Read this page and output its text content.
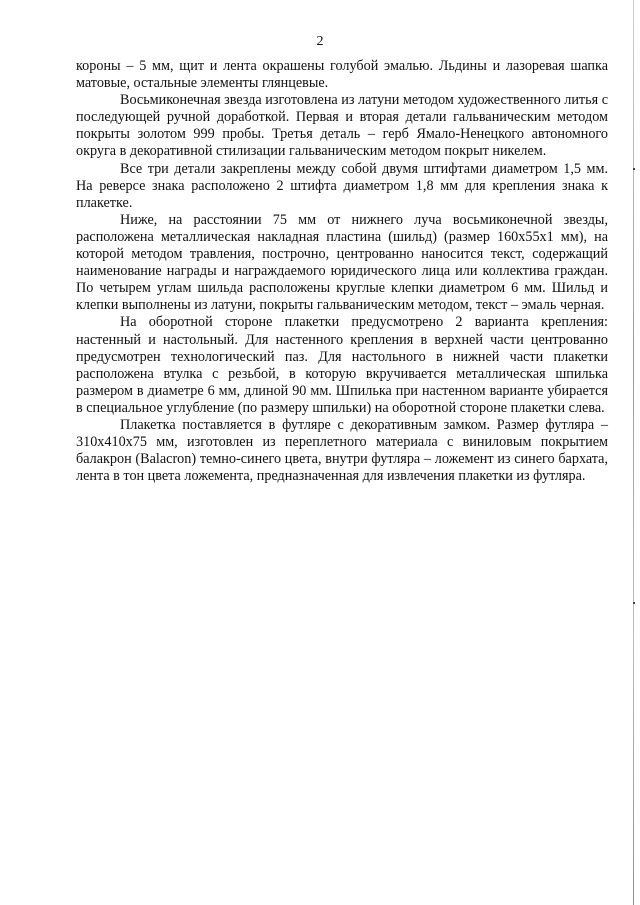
2

короны – 5 мм, щит и лента окрашены голубой эмалью. Льдины и лазоревая шапка матовые, остальные элементы глянцевые.

Восьмиконечная звезда изготовлена из латуни методом художественного литья с последующей ручной доработкой. Первая и вторая детали гальваническим методом покрыты золотом 999 пробы. Третья деталь – герб Ямало-Ненецкого автономного округа в декоративной стилизации гальваническим методом покрыт никелем.

Все три детали закреплены между собой двумя штифтами диаметром 1,5 мм. На реверсе знака расположено 2 штифта диаметром 1,8 мм для крепления знака к плакетке.

Ниже, на расстоянии 75 мм от нижнего луча восьмиконечной звезды, расположена металлическая накладная пластина (шильд) (размер 160x55x1 мм), на которой методом травления, построчно, центрованно наносится текст, содержащий наименование награды и награждаемого юридического лица или коллектива граждан. По четырем углам шильда расположены круглые клепки диаметром 6 мм. Шильд и клепки выполнены из латуни, покрыты гальваническим методом, текст – эмаль черная.

На оборотной стороне плакетки предусмотрено 2 варианта крепления: настенный и настольный. Для настенного крепления в верхней части центрованно предусмотрен технологический паз. Для настольного в нижней части плакетки расположена втулка с резьбой, в которую вкручивается металлическая шпилька размером в диаметре 6 мм, длиной 90 мм. Шпилька при настенном варианте убирается в специальное углубление (по размеру шпильки) на оборотной стороне плакетки слева.

Плакетка поставляется в футляре с декоративным замком. Размер футляра – 310x410x75 мм, изготовлен из переплетного материала с виниловым покрытием балакрон (Balacron) темно-синего цвета, внутри футляра – ложемент из синего бархата, лента в тон цвета ложемента, предназначенная для извлечения плакетки из футляра.
